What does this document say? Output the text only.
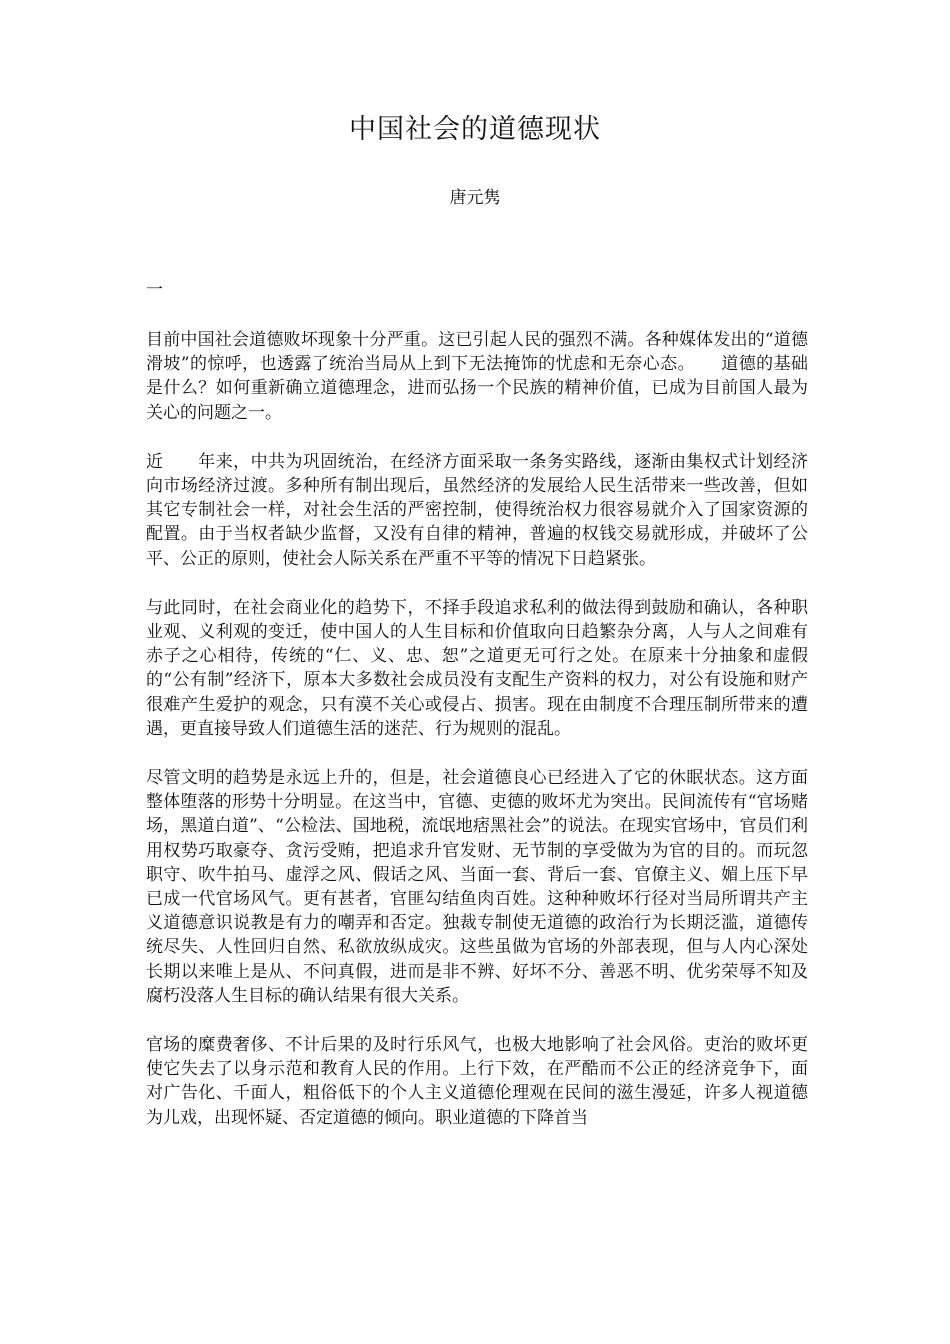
中国社会的道德现状
唐元隽
一

目前中国社会道德败坏现象十分严重。这已引起人民的强烈不满。各种媒体发出的“道德滑坡”的惊呼，也透露了统治当局从上到下无法掩饰的忧虑和无奈心态。　　道德的基础是什么？如何重新确立道德理念，进而弘扬一个民族的精神价值，已成为目前国人最为关心的问题之一。

近　　年来，中共为巩固统治，在经济方面采取一条务实路线，逐渐由集权式计划经济向市场经济过渡。多种所有制出现后，虽然经济的发展给人民生活带来一些改善，但如其它专制社会一样，对社会生活的严密控制，使得统治权力很容易就介入了国家资源的配置。由于当权者缺少监督，又没有自律的精神，普遍的权钱交易就形成，并破坏了公平、公正的原则，使社会人际关系在严重不平等的情况下日趋紧张。

与此同时，在社会商业化的趋势下，不择手段追求私利的做法得到鼓励和确认，各种职业观、义利观的变迁，使中国人的人生目标和价值取向日趋繁杂分离，人与人之间难有赤子之心相待，传统的“仁、义、忠、恕”之道更无可行之处。在原来十分抽象和虚假的“公有制”经济下，原本大多数社会成员没有支配生产资料的权力，对公有设施和财产很难产生爱护的观念，只有漠不关心或侵占、损害。现在由制度不合理压制所带来的遭遇，更直接导致人们道德生活的迷茫、行为规则的混乱。

尽管文明的趋势是永远上升的，但是，社会道德良心已经进入了它的休眠状态。这方面整体堕落的形势十分明显。在这当中，官德、吏德的败坏尤为突出。民间流传有“官场赌场，黑道白道”、“公检法、国地税，流氓地痞黑社会”的说法。在现实官场中，官员们利用权势巧取豪夺、贪污受贿，把追求升官发财、无节制的享受做为为官的目的。而玩忽职守、吹牛拍马、虚浮之风、假话之风、当面一套、背后一套、官僚主义、媚上压下早已成一代官场风气。更有甚者，官匪勾结鱼肉百姓。这种种败坏行径对当局所谓共产主义道德意识说教是有力的嘲弄和否定。独裁专制使无道德的政治行为长期泛滥，道德传统尽失、人性回归自然、私欲放纵成灾。这些虽做为官场的外部表现，但与人内心深处长期以来唯上是从、不问真假，进而是非不辨、好坏不分、善恶不明、优劣荣辱不知及腐朽没落人生目标的确认结果有很大关系。

官场的糜费奢侈、不计后果的及时行乐风气，也极大地影响了社会风俗。吏治的败坏更使它失去了以身示范和教育人民的作用。上行下效，在严酷而不公正的经济竞争下，面对广告化、千面人，粗俗低下的个人主义道德伦理观在民间的滋生漫延，许多人视道德为儿戏，出现怀疑、否定道德的倾向。职业道德的下降首当
